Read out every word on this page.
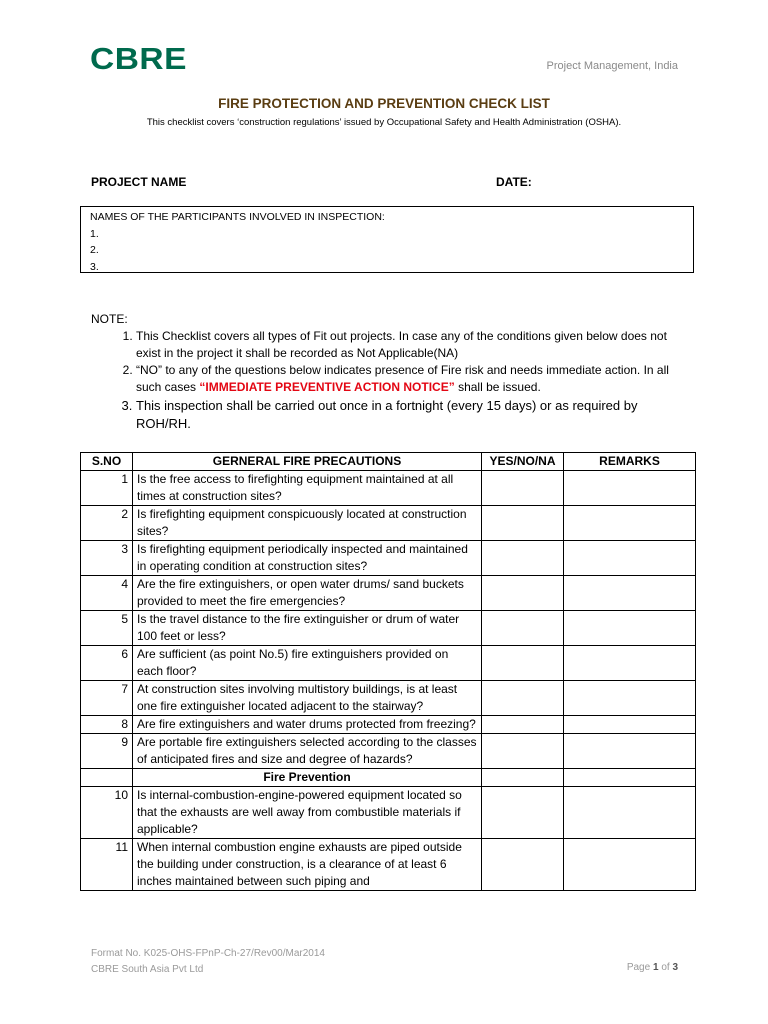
CBRE	Project Management, India
FIRE PROTECTION AND PREVENTION CHECK LIST
This checklist covers ‘construction regulations’ issued by Occupational Safety and Health Administration (OSHA).
PROJECT NAME	DATE:
NAMES OF THE PARTICIPANTS INVOLVED IN INSPECTION:
1.
2.
3.
NOTE:
1. This Checklist covers all types of Fit out projects. In case any of the conditions given below does not exist in the project it shall be recorded as Not Applicable(NA)
2. “NO” to any of the questions below indicates presence of Fire risk and needs immediate action. In all such cases “IMMEDIATE PREVENTIVE ACTION NOTICE” shall be issued.
3. This inspection shall be carried out once in a fortnight (every 15 days) or as required by ROH/RH.
S.NO	GERNERAL FIRE PRECAUTIONS	YES/NO/NA	REMARKS
1	Is the free access to firefighting equipment maintained at all times at construction sites?		
2	Is firefighting equipment conspicuously located at construction sites?		
3	Is firefighting equipment periodically inspected and maintained in operating condition at construction sites?		
4	Are the fire extinguishers, or open water drums/ sand buckets provided to meet the fire emergencies?		
5	Is the travel distance to the fire extinguisher or drum of water 100 feet or less?		
6	Are sufficient (as point No.5) fire extinguishers provided on each floor?		
7	At construction sites involving multistory buildings, is at least one fire extinguisher located adjacent to the stairway?		
8	Are fire extinguishers and water drums protected from freezing?		
9	Are portable fire extinguishers selected according to the classes of anticipated fires and size and degree of hazards?		
	Fire Prevention		
10	Is internal-combustion-engine-powered equipment located so that the exhausts are well away from combustible materials if applicable?		
11	When internal combustion engine exhausts are piped outside the building under construction, is a clearance of at least 6 inches maintained between such piping and		
Format No. K025-OHS-FPnP-Ch-27/Rev00/Mar2014
CBRE South Asia Pvt Ltd	Page 1 of 3
